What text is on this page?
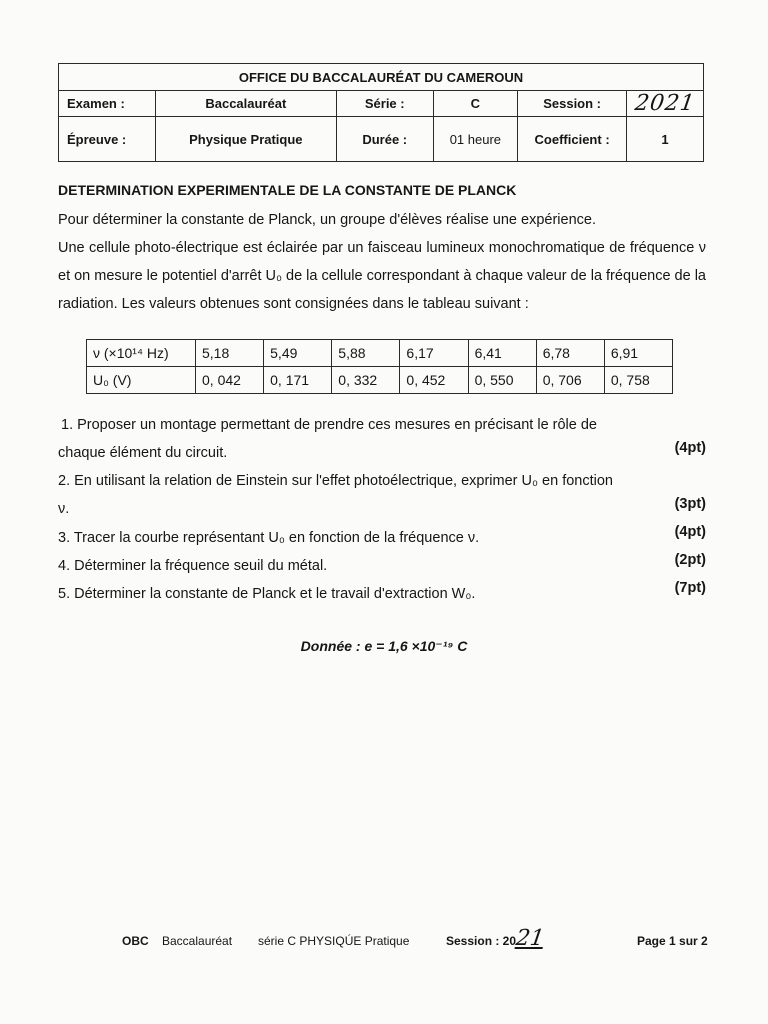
OFFICE DU BACCALAURÉAT DU CAMEROUN					
Examen :	Baccalauréat	Série :	C	Session :	2021
Épreuve :	Physique Pratique	Durée :	01 heure	Coefficient :	1
DETERMINATION EXPERIMENTALE DE LA CONSTANTE DE PLANCK
Pour déterminer la constante de Planck, un groupe d'élèves réalise une expérience.
Une cellule photo-électrique est éclairée par un faisceau lumineux monochromatique de fréquence ν et on mesure le potentiel d'arrêt U₀ de la cellule correspondant à chaque valeur de la fréquence de la radiation. Les valeurs obtenues sont consignées dans le tableau suivant :
ν (×10¹⁴ Hz)	5,18	5,49	5,88	6,17	6,41	6,78	6,91
U₀ (V)	0, 042	0, 171	0, 332	0, 452	0, 550	0, 706	0, 758
1. Proposer un montage permettant de prendre ces mesures en précisant le rôle de chaque élément du circuit.	(4pt)
2. En utilisant la relation de Einstein sur l'effet photoélectrique, exprimer U₀ en fonction ν.	(3pt)
3. Tracer la courbe représentant U₀ en fonction de la fréquence ν.	(4pt)
4. Déterminer la fréquence seuil du métal.	(2pt)
5. Déterminer la constante de Planck et le travail d'extraction W₀.	(7pt)
Donnée : e = 1,6 ×10⁻¹⁹ C
OBC Baccalauréat série C PHYSIQÚE Pratique	Session : 2021	Page 1 sur 2
